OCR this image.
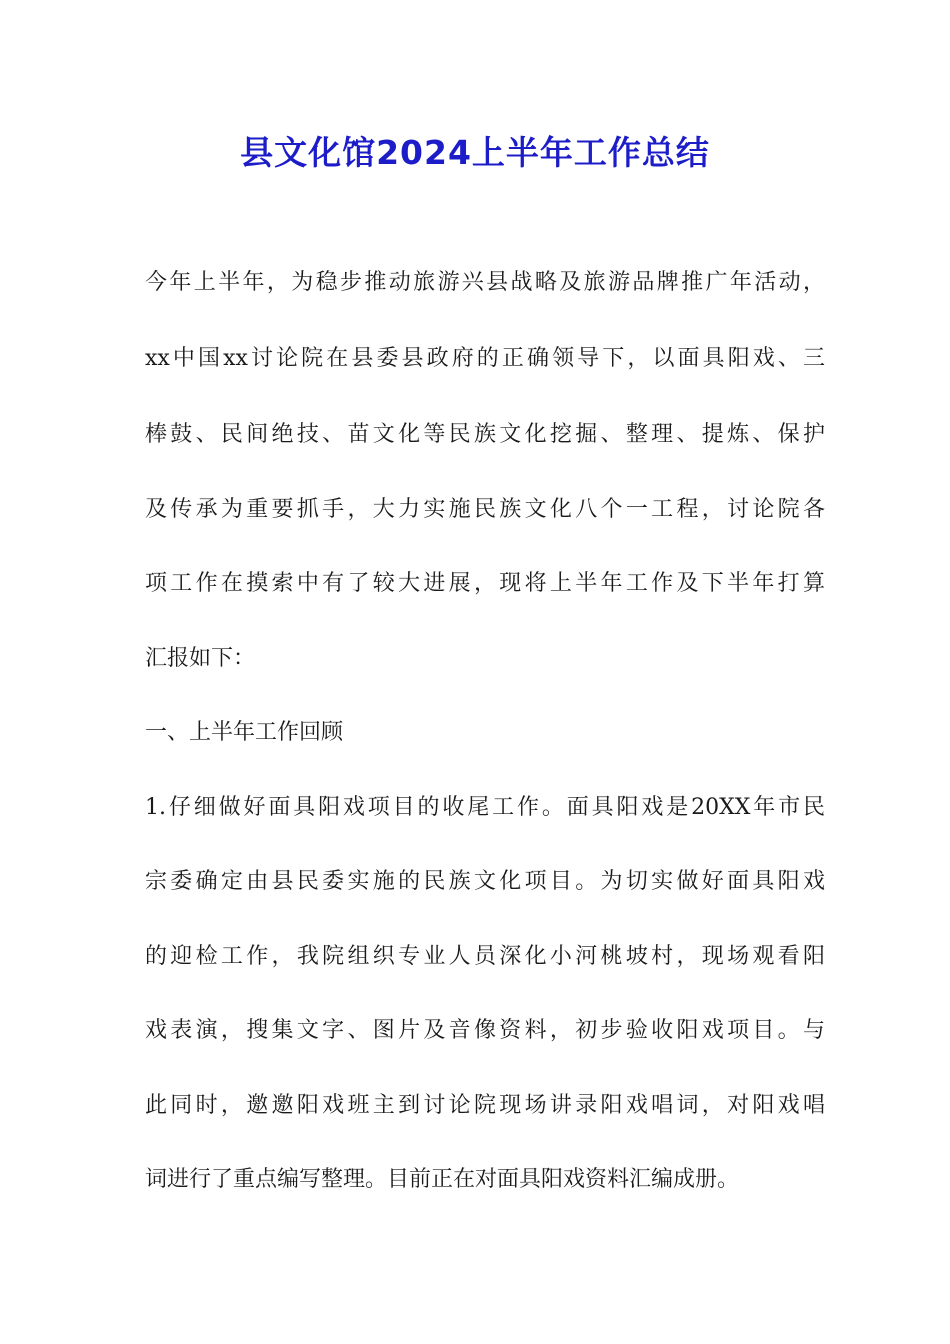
县文化馆2024上半年工作总结
今年上半年，为稳步推动旅游兴县战略及旅游品牌推广年活动，
xx中国xx讨论院在县委县政府的正确领导下，以面具阳戏、三
棒鼓、民间绝技、苗文化等民族文化挖掘、整理、提炼、保护
及传承为重要抓手，大力实施民族文化八个一工程，讨论院各
项工作在摸索中有了较大进展，现将上半年工作及下半年打算
汇报如下：
一、上半年工作回顾
1.仔细做好面具阳戏项目的收尾工作。面具阳戏是20XX年市民
宗委确定由县民委实施的民族文化项目。为切实做好面具阳戏
的迎检工作，我院组织专业人员深化小河桃坡村，现场观看阳
戏表演，搜集文字、图片及音像资料，初步验收阳戏项目。与
此同时，邀邀阳戏班主到讨论院现场讲录阳戏唱词，对阳戏唱
词进行了重点编写整理。目前正在对面具阳戏资料汇编成册。
